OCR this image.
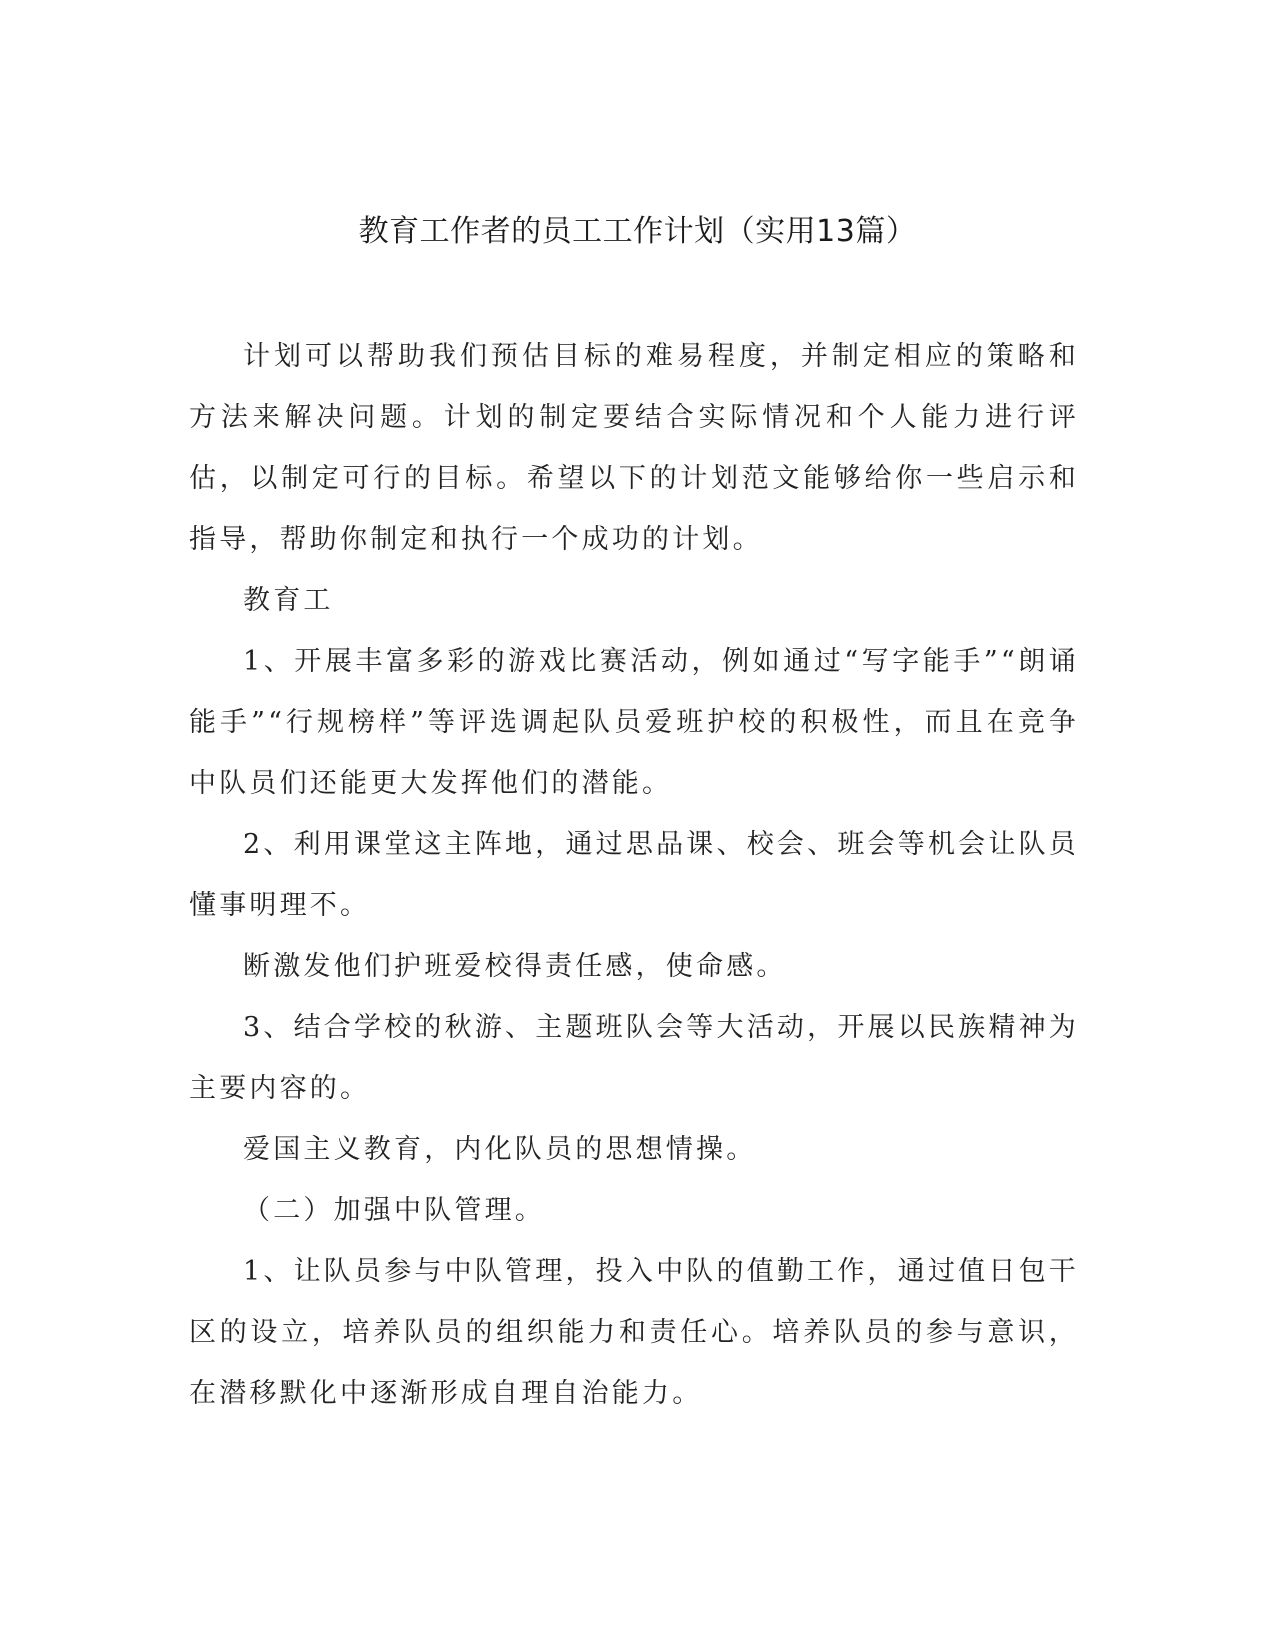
教育工作者的员工工作计划（实用13篇）

计划可以帮助我们预估目标的难易程度，并制定相应的策略和方法来解决问题。计划的制定要结合实际情况和个人能力进行评估，以制定可行的目标。希望以下的计划范文能够给你一些启示和指导，帮助你制定和执行一个成功的计划。

教育工

1、开展丰富多彩的游戏比赛活动，例如通过“写字能手”“朗诵能手”“行规榜样”等评选调起队员爱班护校的积极性，而且在竞争中队员们还能更大发挥他们的潜能。

2、利用课堂这主阵地，通过思品课、校会、班会等机会让队员懂事明理不。

断激发他们护班爱校得责任感，使命感。

3、结合学校的秋游、主题班队会等大活动，开展以民族精神为主要内容的。

爱国主义教育，内化队员的思想情操。

（二）加强中队管理。

1、让队员参与中队管理，投入中队的值勤工作，通过值日包干区的设立，培养队员的组织能力和责任心。培养队员的参与意识，在潜移默化中逐渐形成自理自治能力。
